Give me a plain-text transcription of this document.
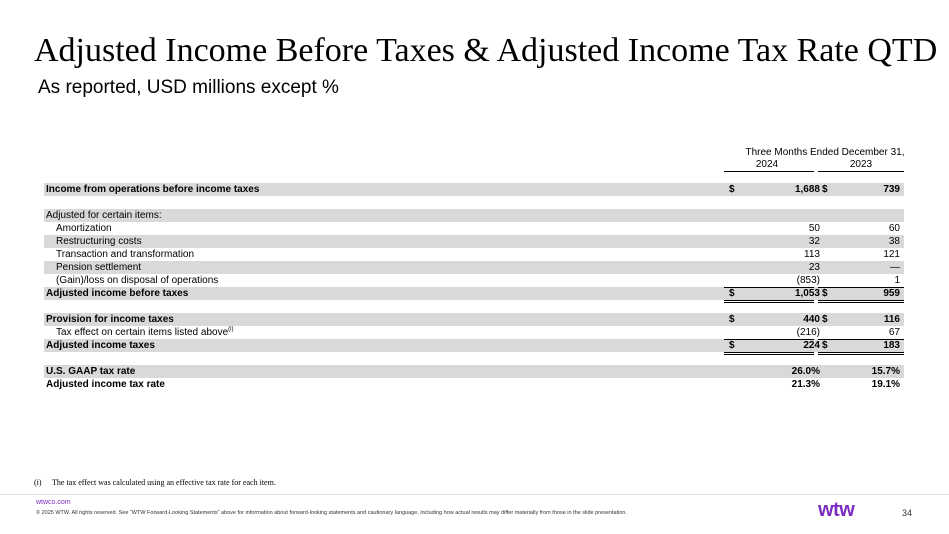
Adjusted Income Before Taxes & Adjusted Income Tax Rate QTD
As reported, USD millions except %
Three Months Ended December 31,
2024	2023
Income from operations before income taxes	$	1,688 $	739
Adjusted for certain items:
Amortization	50	60
Restructuring costs	32	38
Transaction and transformation	113	121
Pension settlement	23	—
(Gain)/loss on disposal of operations	(853)	1
Adjusted income before taxes	$	1,053 $	959
Provision for income taxes	$	440 $	116
Tax effect on certain items listed above$^{(i)}$	(216)	67
Adjusted income taxes	$	224 $	183
U.S. GAAP tax rate	26.0%	15.7%
Adjusted income tax rate	21.3%	19.1%
(i) The tax effect was calculated using an effective tax rate for each item.
wtwco.com
© 2025 WTW. All rights reserved. See “WTW Forward-Looking Statements” above for information about forward-looking statements and cautionary language, including how actual results may differ materially from those in the slide presentation.	wtw	34
